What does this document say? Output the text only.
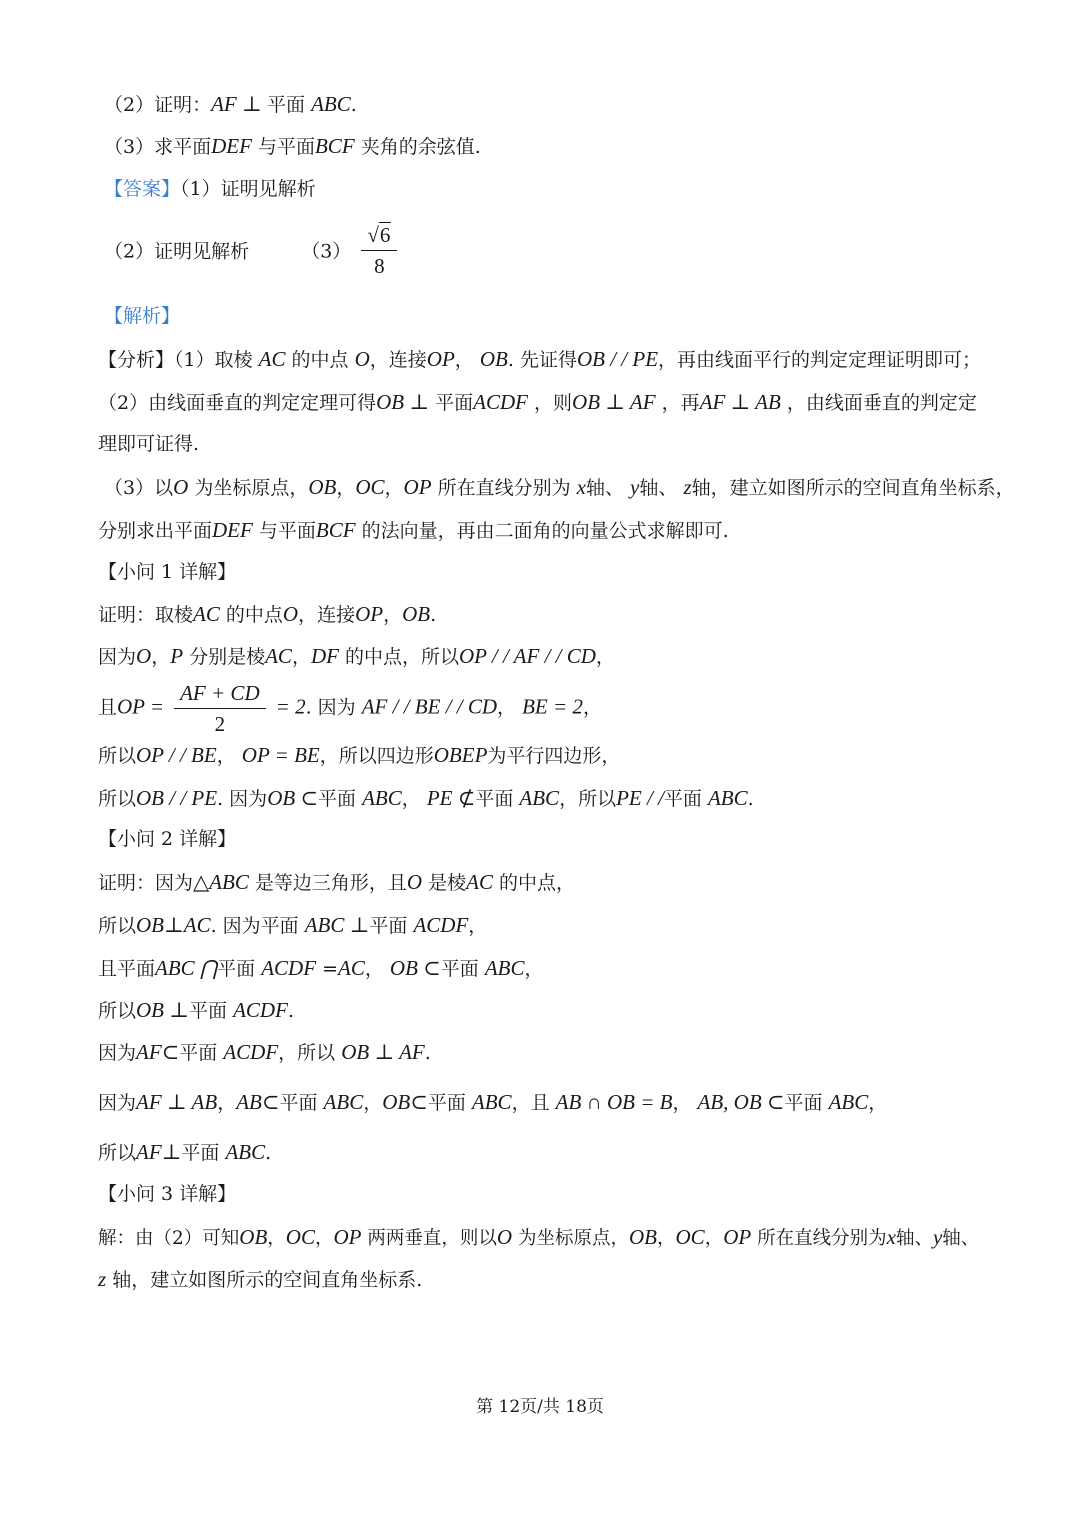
（2）证明：AF ⊥ 平面 ABC.
（3）求平面DEF 与平面BCF 夹角的余弦值.
【答案】（1）证明见解析
（2）证明见解析	$(3) \frac{√6}{8}$
【解析】
【分析】（1）取棱 AC 的中点 O，连接OP， OB. 先证得OB / / PE，再由线面平行的判定定理证明即可；
（2）由线面垂直的判定定理可得OB ⊥ 平面ACDF ，则OB ⊥ AF ，再AF ⊥ AB ，由线面垂直的判定定
理即可证得.
（3）以O 为坐标原点，OB，OC，OP 所在直线分别为 x轴、 y轴、 z轴，建立如图所示的空间直角坐标系，
分别求出平面DEF 与平面BCF 的法向量，再由二面角的向量公式求解即可.
【小问 1 详解】
证明：取棱AC 的中点O，连接OP，OB.
因为O，P 分别是棱AC，DF 的中点，所以OP / / AF / / CD，
且OP = $\frac{AF + CD}{2} = 2$. 因为 AF / / BE / / CD， BE = 2，
所以OP / / BE， OP = BE，所以四边形OBEP为平行四边形，
所以OB / / PE. 因为OB ⊂平面 ABC， PE ⊄平面 ABC，所以PE / /平面 ABC.
【小问 2 详解】
证明：因为△ABC 是等边三角形，且O 是棱AC 的中点，
所以OB⊥AC. 因为平面 ABC ⊥平面 ACDF，
且平面ABC ⋂平面 ACDF =AC， OB ⊂平面 ABC，
所以OB ⊥平面 ACDF.
因为AF⊂平面 ACDF，所以 OB ⊥ AF.
因为AF ⊥ AB，AB⊂平面 ABC，OB⊂平面 ABC，且 AB ∩ OB = B， AB, OB ⊂平面 ABC，
所以AF⊥平面 ABC.
【小问 3 详解】
解：由（2）可知OB，OC，OP 两两垂直，则以O 为坐标原点，OB，OC，OP 所在直线分别为x轴、y轴、
z 轴，建立如图所示的空间直角坐标系.
第 12页/共 18页
